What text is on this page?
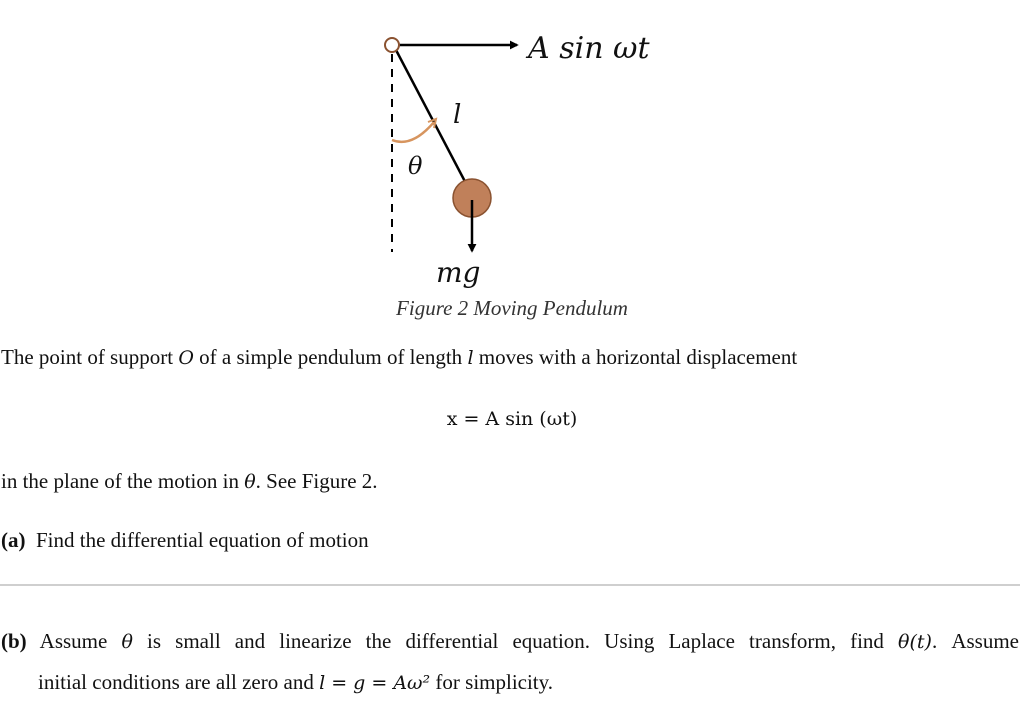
A sin ωt
l
θ
mg
Figure 2 Moving Pendulum
The point of support O of a simple pendulum of length l moves with a horizontal displacement
x = A sin (ωt)
in the plane of the motion in θ. See Figure 2.
(a) Find the differential equation of motion
(b) Assume θ is small and linearize the differential equation. Using Laplace transform, find θ(t). Assume
initial conditions are all zero and l = g = Aω² for simplicity.
